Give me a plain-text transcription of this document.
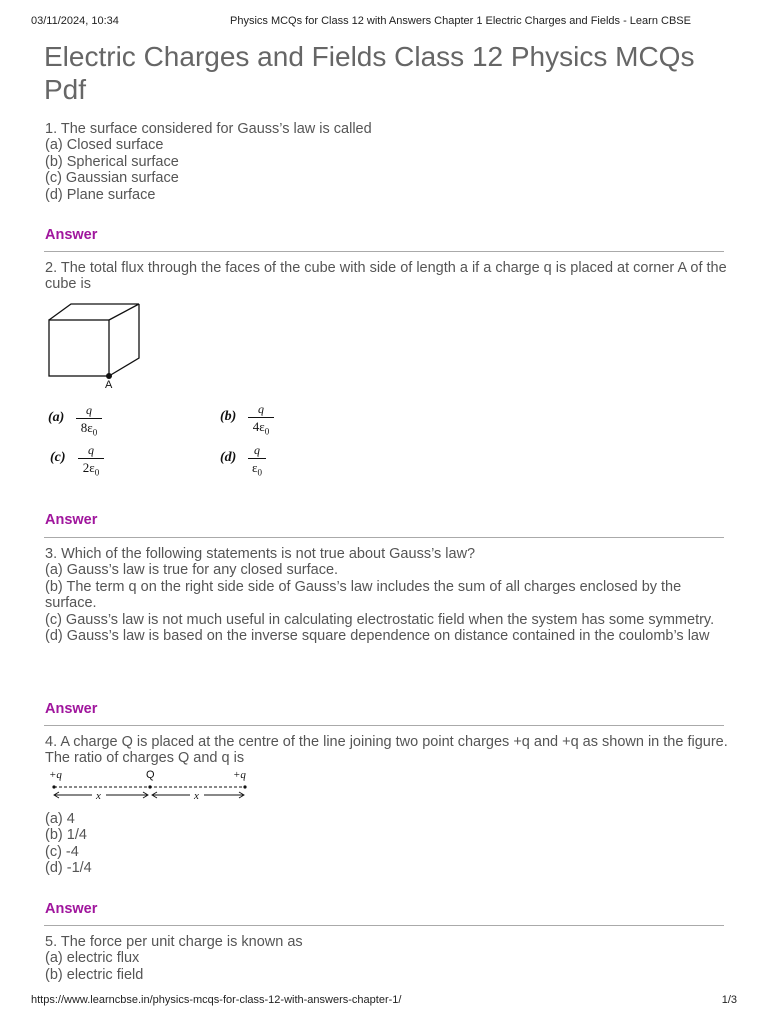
03/11/2024, 10:34	Physics MCQs for Class 12 with Answers Chapter 1 Electric Charges and Fields - Learn CBSE
Electric Charges and Fields Class 12 Physics MCQs Pdf

1. The surface considered for Gauss’s law is called

(a) Closed surface

(b) Spherical surface

(c) Gaussian surface

(d) Plane surface

Answer

2. The total flux through the faces of the cube with side of length a if a charge q is placed at corner A of the cube is

A
(a)	q
$8\varepsilon_0$
(b)	q
$4\varepsilon_0$
(c)	q
$2\varepsilon_0$
(d)	q
$\varepsilon_0$
Answer

3. Which of the following statements is not true about Gauss’s law?

(a) Gauss’s law is true for any closed surface.

(b) The term q on the right side side of Gauss’s law includes the sum of all charges enclosed by the surface.

(c) Gauss’s law is not much useful in calculating electrostatic field when the system has some symmetry.

(d) Gauss’s law is based on the inverse square dependence on distance contained in the coulomb’s law

Answer

4. A charge Q is placed at the centre of the line joining two point charges +q and +q as shown in the figure. The ratio of charges Q and q is

+q	Q	+q
x	x

(a) 4

(b) 1/4

(c) -4

(d) -1/4

Answer

5. The force per unit charge is known as

(a) electric flux

(b) electric field

https://www.learncbse.in/physics-mcqs-for-class-12-with-answers-chapter-1/	1/3
